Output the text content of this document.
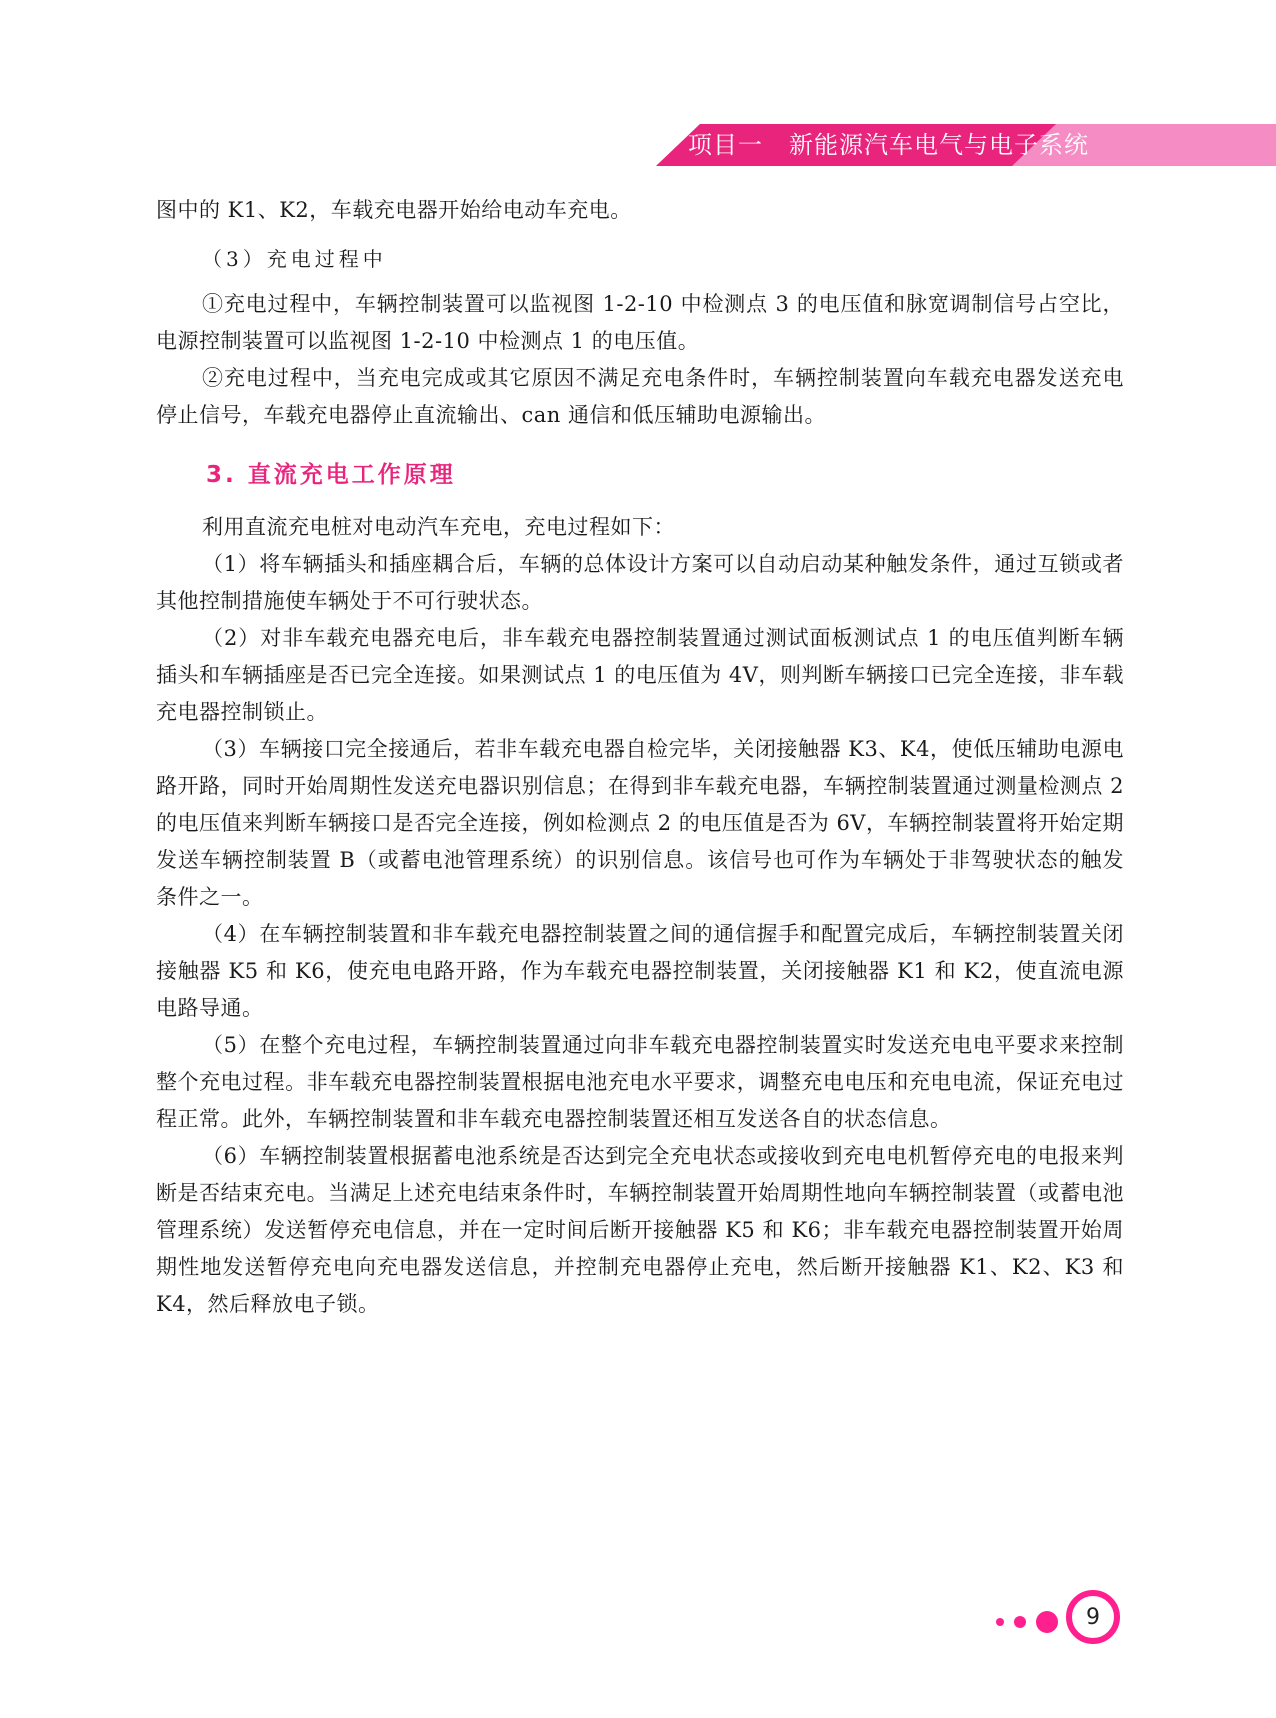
项目一 新能源汽车电气与电子系统

图中的 K1、K2，车载充电器开始给电动车充电。

（3）充电过程中

①充电过程中，车辆控制装置可以监视图 1-2-10 中检测点 3 的电压值和脉宽调制信号占空比，电源控制装置可以监视图 1-2-10 中检测点 1 的电压值。

②充电过程中，当充电完成或其它原因不满足充电条件时，车辆控制装置向车载充电器发送充电停止信号，车载充电器停止直流输出、can 通信和低压辅助电源输出。

3. 直流充电工作原理

利用直流充电桩对电动汽车充电，充电过程如下：

（1）将车辆插头和插座耦合后，车辆的总体设计方案可以自动启动某种触发条件，通过互锁或者其他控制措施使车辆处于不可行驶状态。

（2）对非车载充电器充电后，非车载充电器控制装置通过测试面板测试点 1 的电压值判断车辆插头和车辆插座是否已完全连接。如果测试点 1 的电压值为 4V，则判断车辆接口已完全连接，非车载充电器控制锁止。

（3）车辆接口完全接通后，若非车载充电器自检完毕，关闭接触器 K3、K4，使低压辅助电源电路开路，同时开始周期性发送充电器识别信息；在得到非车载充电器，车辆控制装置通过测量检测点 2 的电压值来判断车辆接口是否完全连接，例如检测点 2 的电压值是否为 6V，车辆控制装置将开始定期发送车辆控制装置 B（或蓄电池管理系统）的识别信息。该信号也可作为车辆处于非驾驶状态的触发条件之一。

（4）在车辆控制装置和非车载充电器控制装置之间的通信握手和配置完成后，车辆控制装置关闭接触器 K5 和 K6，使充电电路开路，作为车载充电器控制装置，关闭接触器 K1 和 K2，使直流电源电路导通。

（5）在整个充电过程，车辆控制装置通过向非车载充电器控制装置实时发送充电电平要求来控制整个充电过程。非车载充电器控制装置根据电池充电水平要求，调整充电电压和充电电流，保证充电过程正常。此外，车辆控制装置和非车载充电器控制装置还相互发送各自的状态信息。

（6）车辆控制装置根据蓄电池系统是否达到完全充电状态或接收到充电电机暂停充电的电报来判断是否结束充电。当满足上述充电结束条件时，车辆控制装置开始周期性地向车辆控制装置（或蓄电池管理系统）发送暂停充电信息，并在一定时间后断开接触器 K5 和 K6；非车载充电器控制装置开始周期性地发送暂停充电向充电器发送信息，并控制充电器停止充电，然后断开接触器 K1、K2、K3 和 K4，然后释放电子锁。

9
